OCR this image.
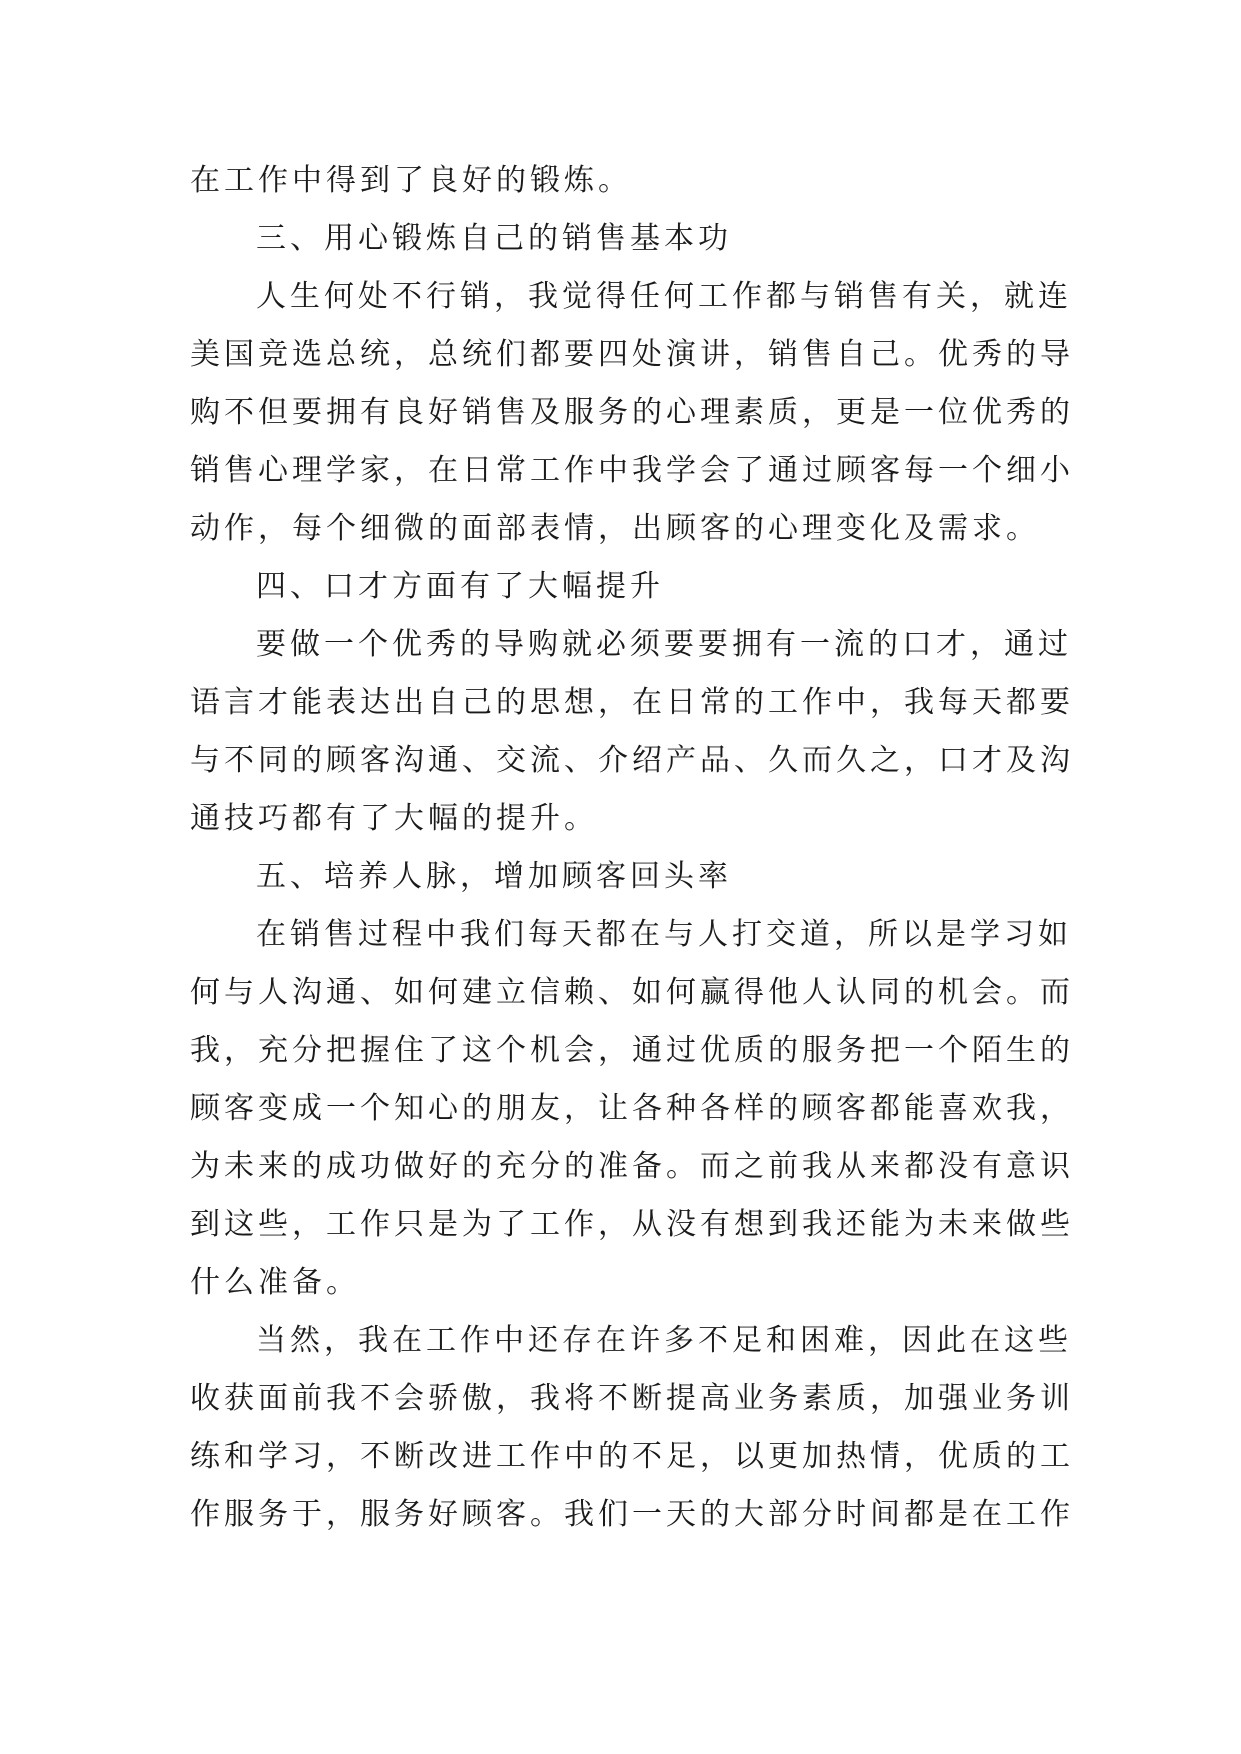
在工作中得到了良好的锻炼。
三、用心锻炼自己的销售基本功
人生何处不行销，我觉得任何工作都与销售有关，就连
美国竞选总统，总统们都要四处演讲，销售自己。优秀的导
购不但要拥有良好销售及服务的心理素质，更是一位优秀的
销售心理学家，在日常工作中我学会了通过顾客每一个细小
动作，每个细微的面部表情，出顾客的心理变化及需求。
四、口才方面有了大幅提升
要做一个优秀的导购就必须要要拥有一流的口才，通过
语言才能表达出自己的思想，在日常的工作中，我每天都要
与不同的顾客沟通、交流、介绍产品、久而久之，口才及沟
通技巧都有了大幅的提升。
五、培养人脉，增加顾客回头率
在销售过程中我们每天都在与人打交道，所以是学习如
何与人沟通、如何建立信赖、如何赢得他人认同的机会。而
我，充分把握住了这个机会，通过优质的服务把一个陌生的
顾客变成一个知心的朋友，让各种各样的顾客都能喜欢我，
为未来的成功做好的充分的准备。而之前我从来都没有意识
到这些，工作只是为了工作，从没有想到我还能为未来做些
什么准备。
当然，我在工作中还存在许多不足和困难，因此在这些
收获面前我不会骄傲，我将不断提高业务素质，加强业务训
练和学习，不断改进工作中的不足，以更加热情，优质的工
作服务于，服务好顾客。我们一天的大部分时间都是在工作
